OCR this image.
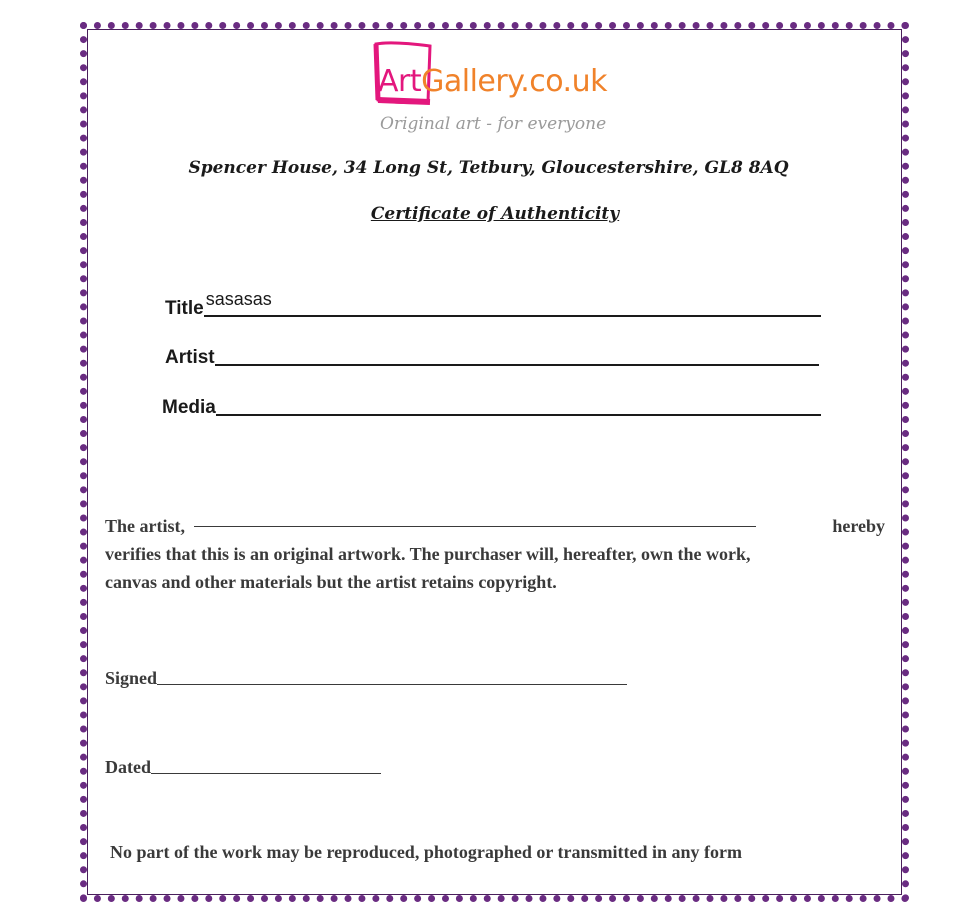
ArtGallery.co.uk
Original art - for everyone
Spencer House, 34 Long St, Tetbury, Gloucestershire, GL8 8AQ
Certificate of Authenticity
Title sasasas
Artist
Media
The artist,	hereby
verifies that this is an original artwork. The purchaser will, hereafter, own the work,
canvas and other materials but the artist retains copyright.
Signed
Dated
No part of the work may be reproduced, photographed or transmitted in any form
